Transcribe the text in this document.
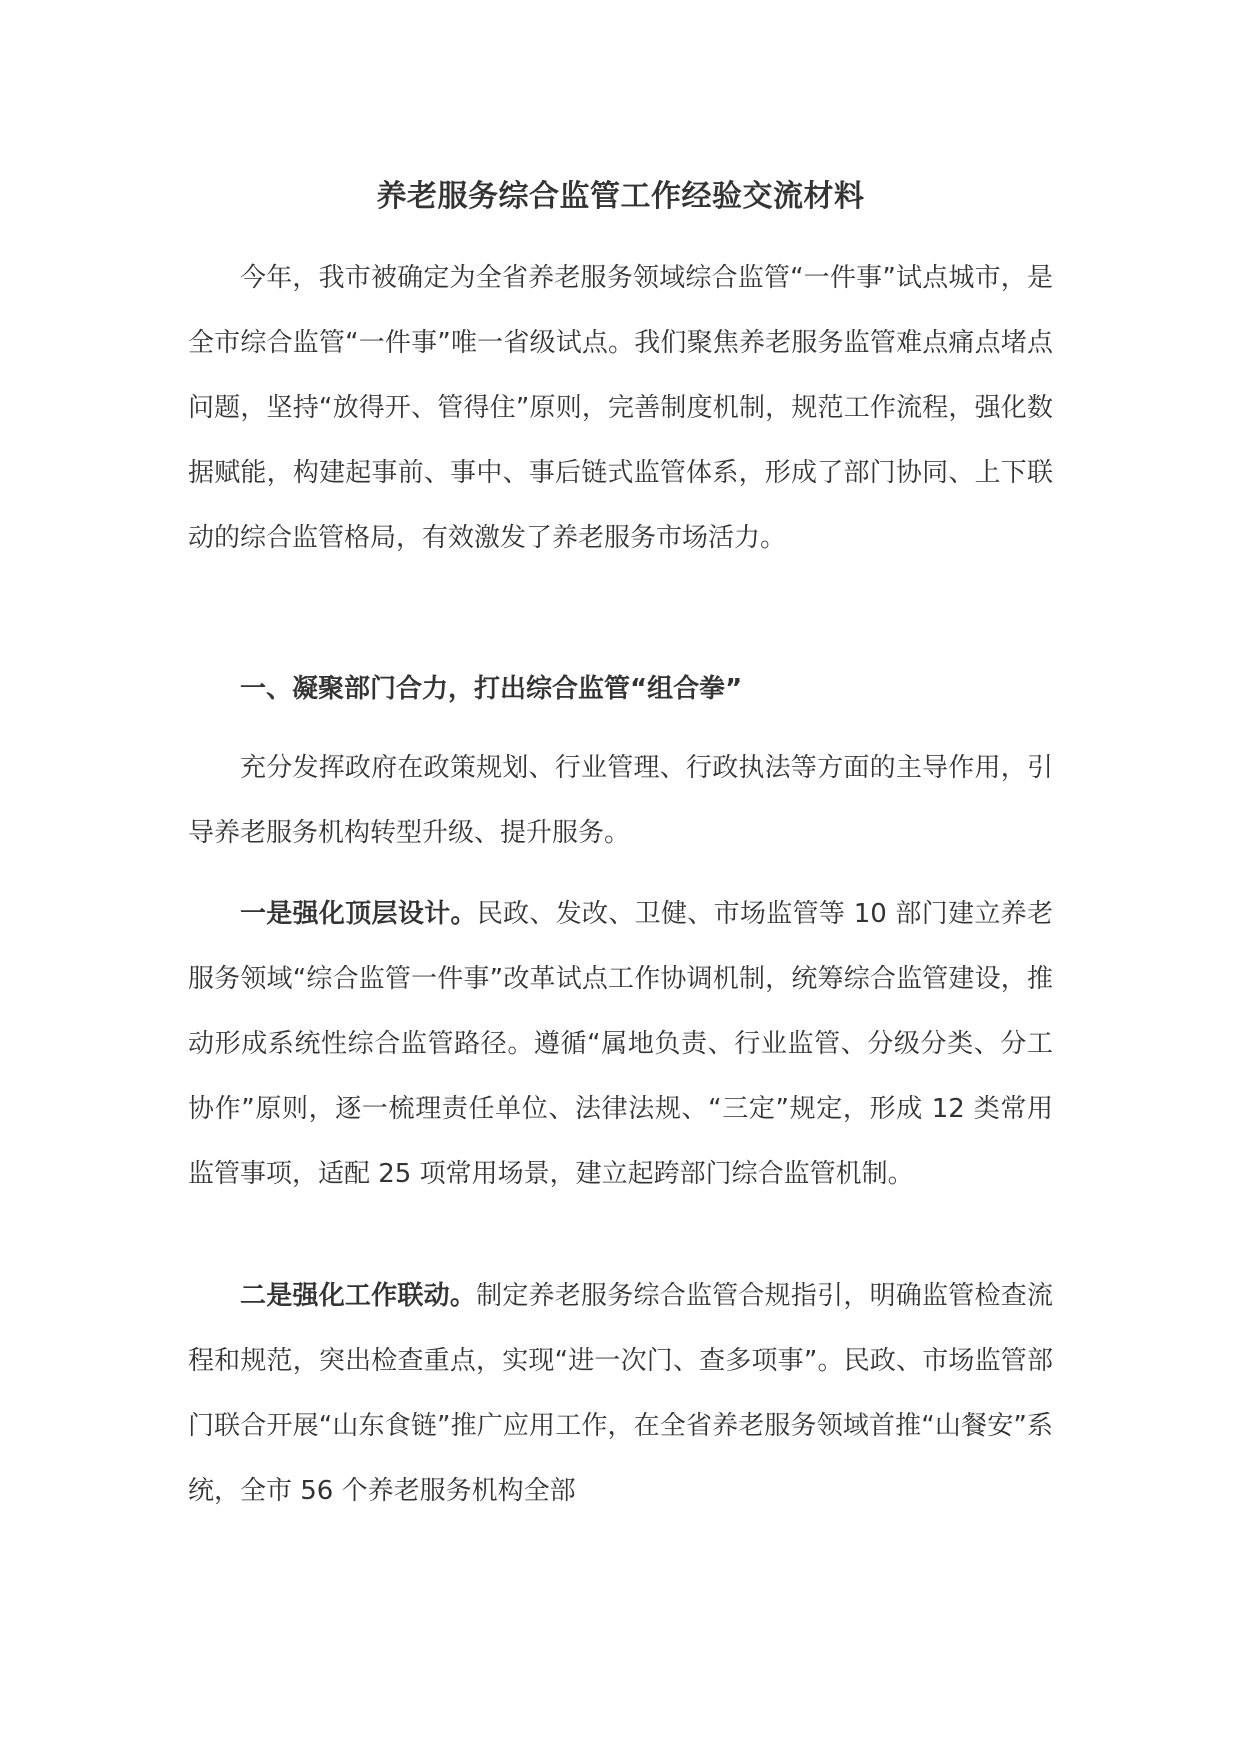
养老服务综合监管工作经验交流材料

今年，我市被确定为全省养老服务领域综合监管“一件事”试点城市，是全市综合监管“一件事”唯一省级试点。我们聚焦养老服务监管难点痛点堵点问题，坚持“放得开、管得住”原则，完善制度机制，规范工作流程，强化数据赋能，构建起事前、事中、事后链式监管体系，形成了部门协同、上下联动的综合监管格局，有效激发了养老服务市场活力。

一、凝聚部门合力，打出综合监管“组合拳”

充分发挥政府在政策规划、行业管理、行政执法等方面的主导作用，引导养老服务机构转型升级、提升服务。

一是强化顶层设计。民政、发改、卫健、市场监管等 10 部门建立养老服务领域“综合监管一件事”改革试点工作协调机制，统筹综合监管建设，推动形成系统性综合监管路径。遵循“属地负责、行业监管、分级分类、分工协作”原则，逐一梳理责任单位、法律法规、“三定”规定，形成 12 类常用监管事项，适配 25 项常用场景，建立起跨部门综合监管机制。

二是强化工作联动。制定养老服务综合监管合规指引，明确监管检查流程和规范，突出检查重点，实现“进一次门、查多项事”。民政、市场监管部门联合开展“山东食链”推广应用工作，在全省养老服务领域首推“山餐安”系统，全市 56 个养老服务机构全部
